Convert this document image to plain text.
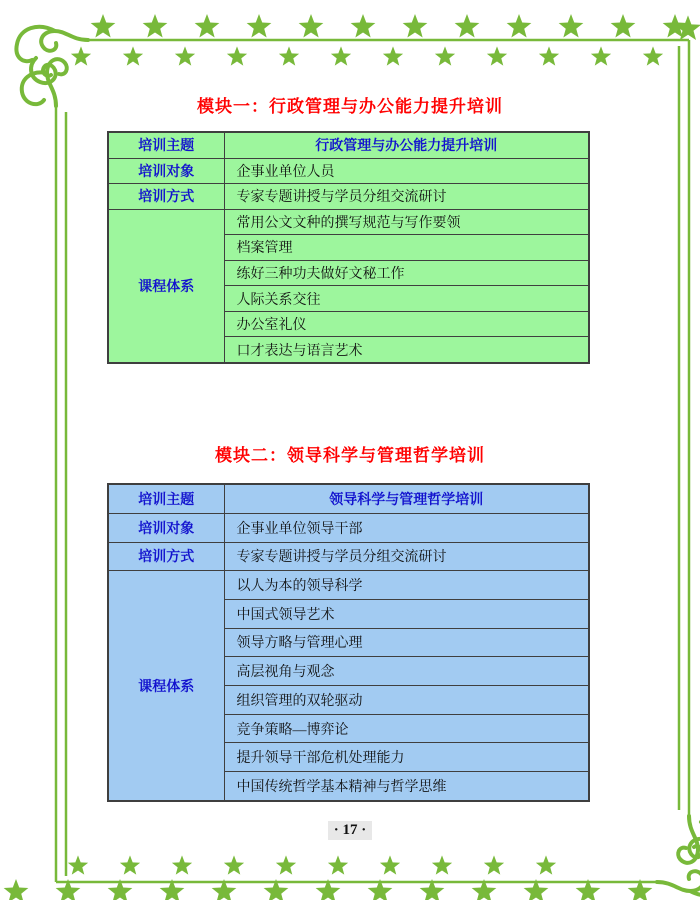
模块一：行政管理与办公能力提升培训
培训主题	行政管理与办公能力提升培训
培训对象	企事业单位人员
培训方式	专家专题讲授与学员分组交流研讨
课程体系	常用公文文种的撰写规范与写作要领
	档案管理
	练好三种功夫做好文秘工作
	人际关系交往
	办公室礼仪
	口才表达与语言艺术
模块二：领导科学与管理哲学培训
培训主题	领导科学与管理哲学培训
培训对象	企事业单位领导干部
培训方式	专家专题讲授与学员分组交流研讨
课程体系	以人为本的领导科学
	中国式领导艺术
	领导方略与管理心理
	高层视角与观念
	组织管理的双轮驱动
	竞争策略—博弈论
	提升领导干部危机处理能力
	中国传统哲学基本精神与哲学思维
· 17 ·
